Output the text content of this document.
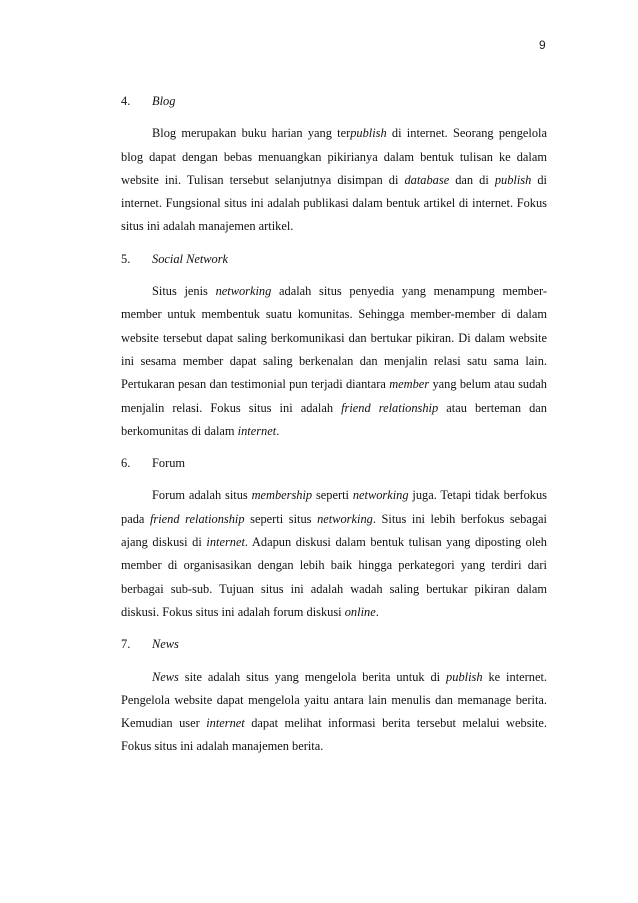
9
4.	Blog

Blog merupakan buku harian yang terpublish di internet. Seorang pengelola blog dapat dengan bebas menuangkan pikirianya dalam bentuk tulisan ke dalam website ini. Tulisan tersebut selanjutnya disimpan di database dan di publish di internet. Fungsional situs ini adalah publikasi dalam bentuk artikel di internet. Fokus situs ini adalah manajemen artikel.

5.	Social Network

Situs jenis networking adalah situs penyedia yang menampung member-member untuk membentuk suatu komunitas. Sehingga member-member di dalam website tersebut dapat saling berkomunikasi dan bertukar pikiran. Di dalam website ini sesama member dapat saling berkenalan dan menjalin relasi satu sama lain. Pertukaran pesan dan testimonial pun terjadi diantara member yang belum atau sudah menjalin relasi. Fokus situs ini adalah friend relationship atau berteman dan berkomunitas di dalam internet.

6.	Forum

Forum adalah situs membership seperti networking juga. Tetapi tidak berfokus pada friend relationship seperti situs networking. Situs ini lebih berfokus sebagai ajang diskusi di internet. Adapun diskusi dalam bentuk tulisan yang diposting oleh member di organisasikan dengan lebih baik hingga perkategori yang terdiri dari berbagai sub-sub. Tujuan situs ini adalah wadah saling bertukar pikiran dalam diskusi. Fokus situs ini adalah forum diskusi online.

7.	News

News site adalah situs yang mengelola berita untuk di publish ke internet. Pengelola website dapat mengelola yaitu antara lain menulis dan memanage berita. Kemudian user internet dapat melihat informasi berita tersebut melalui website. Fokus situs ini adalah manajemen berita.
